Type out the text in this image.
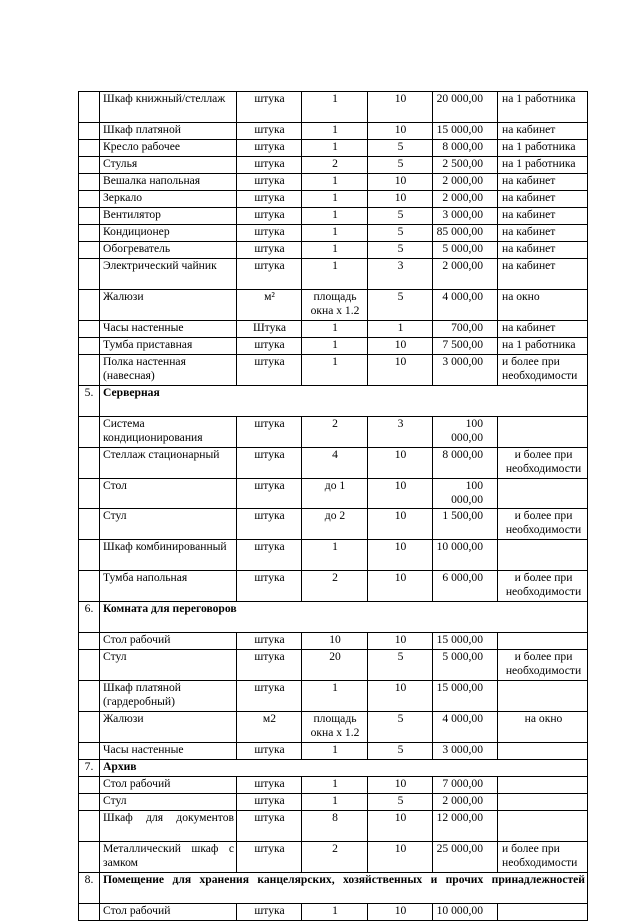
	Шкаф книжный/стеллаж	штука	1	10	20 000,00	на 1 работника
	Шкаф платяной	штука	1	10	15 000,00	на кабинет
	Кресло рабочее	штука	1	5	8 000,00	на 1 работника
	Стулья	штука	2	5	2 500,00	на 1 работника
	Вешалка напольная	штука	1	10	2 000,00	на кабинет
	Зеркало	штука	1	10	2 000,00	на кабинет
	Вентилятор	штука	1	5	3 000,00	на кабинет
	Кондиционер	штука	1	5	85 000,00	на кабинет
	Обогреватель	штука	1	5	5 000,00	на кабинет
	Электрический чайник	штука	1	3	2 000,00	на кабинет
	Жалюзи	м²	площадь окна х 1.2	5	4 000,00	на окно
	Часы настенные	Штука	1	1	700,00	на кабинет
	Тумба приставная	штука	1	10	7 500,00	на 1 работника
	Полка настенная (навесная)	штука	1	10	3 000,00	и более при необходимости
5.	Серверная					
	Система кондиционирования	штука	2	3	100 000,00	
	Стеллаж стационарный	штука	4	10	8 000,00	и более при необходимости
	Стол	штука	до 1	10	100 000,00	
	Стул	штука	до 2	10	1 500,00	и более при необходимости
	Шкаф комбинированный	штука	1	10	10 000,00	
	Тумба напольная	штука	2	10	6 000,00	и более при необходимости
6.	Комната для переговоров					
	Стол рабочий	штука	10	10	15 000,00	
	Стул	штука	20	5	5 000,00	и более при необходимости
	Шкаф платяной (гардеробный)	штука	1	10	15 000,00	
	Жалюзи	м2	площадь окна х 1.2	5	4 000,00	на окно
	Часы настенные	штука	1	5	3 000,00	
7.	Архив					
	Стол рабочий	штука	1	10	7 000,00	
	Стул	штука	1	5	2 000,00	
	Шкаф для документов	штука	8	10	12 000,00	
	Металлический шкаф с замком	штука	2	10	25 000,00	и более при необходимости
8.	Помещение для хранения канцелярских, хозяйственных и прочих принадлежностей					
	Стол рабочий	штука	1	10	10 000,00	
